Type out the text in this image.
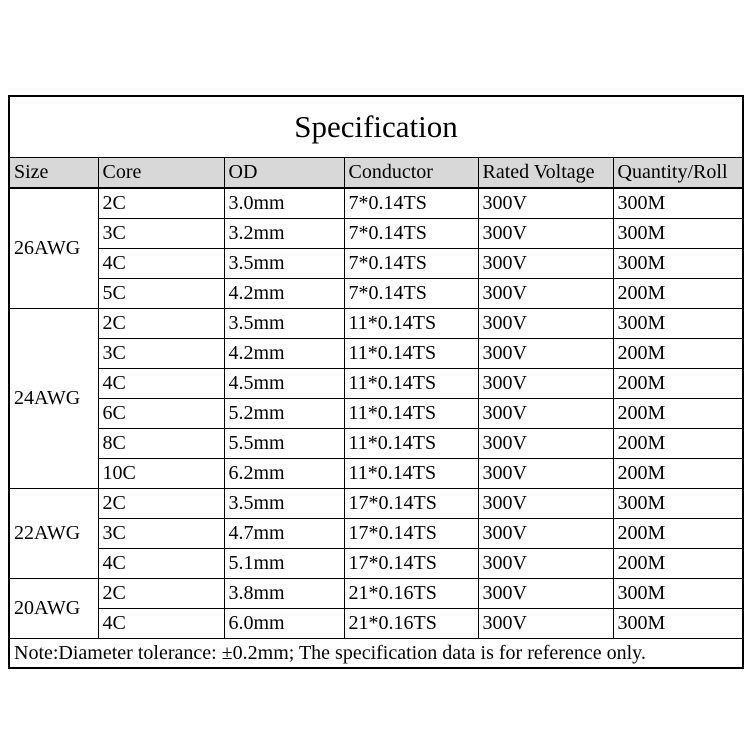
Specification					
Size	Core	OD	Conductor	Rated Voltage	Quantity/Roll
26AWG	2C	3.0mm	7*0.14TS	300V	300M
	3C	3.2mm	7*0.14TS	300V	300M
	4C	3.5mm	7*0.14TS	300V	300M
	5C	4.2mm	7*0.14TS	300V	200M
24AWG	2C	3.5mm	11*0.14TS	300V	300M
	3C	4.2mm	11*0.14TS	300V	200M
	4C	4.5mm	11*0.14TS	300V	200M
	6C	5.2mm	11*0.14TS	300V	200M
	8C	5.5mm	11*0.14TS	300V	200M
	10C	6.2mm	11*0.14TS	300V	200M
22AWG	2C	3.5mm	17*0.14TS	300V	300M
	3C	4.7mm	17*0.14TS	300V	200M
	4C	5.1mm	17*0.14TS	300V	200M
20AWG	2C	3.8mm	21*0.16TS	300V	300M
	4C	6.0mm	21*0.16TS	300V	300M
Note:Diameter tolerance: ±0.2mm; The specification data is for reference only.					
